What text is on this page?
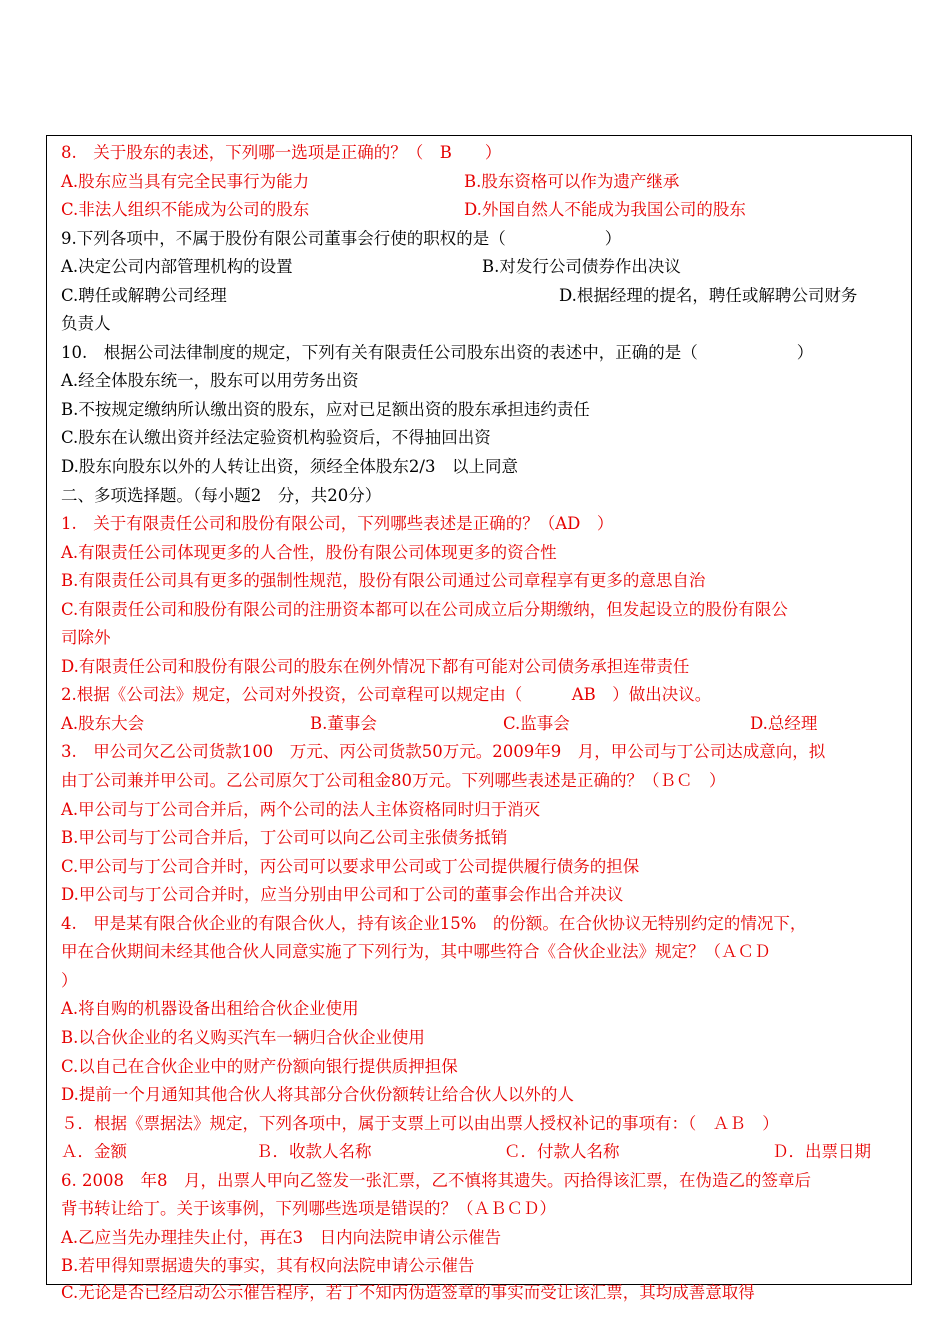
8.　关于股东的表述，下列哪一选项是正确的？（　B　　）
A.股东应当具有完全民事行为能力	B.股东资格可以作为遗产继承
C.非法人组织不能成为公司的股东	D.外国自然人不能成为我国公司的股东
9.下列各项中，不属于股份有限公司董事会行使的职权的是（　　　　　　）
A.决定公司内部管理机构的设置	B.对发行公司债券作出决议
C.聘任或解聘公司经理	D.根据经理的提名，聘任或解聘公司财务
负责人
10.　根据公司法律制度的规定，下列有关有限责任公司股东出资的表述中，正确的是（　　　　　　）
A.经全体股东统一，股东可以用劳务出资
B.不按规定缴纳所认缴出资的股东，应对已足额出资的股东承担违约责任
C.股东在认缴出资并经法定验资机构验资后，不得抽回出资
D.股东向股东以外的人转让出资，须经全体股东2/3　以上同意
二、多项选择题。（每小题2　分，共20分）
1.　关于有限责任公司和股份有限公司，下列哪些表述是正确的？（AD　）
A.有限责任公司体现更多的人合性，股份有限公司体现更多的资合性
B.有限责任公司具有更多的强制性规范，股份有限公司通过公司章程享有更多的意思自治
C.有限责任公司和股份有限公司的注册资本都可以在公司成立后分期缴纳，但发起设立的股份有限公
司除外
D.有限责任公司和股份有限公司的股东在例外情况下都有可能对公司债务承担连带责任
2.根据《公司法》规定，公司对外投资，公司章程可以规定由（　　　AB　）做出决议。
A.股东大会	B.董事会	C.监事会	D.总经理
3.　甲公司欠乙公司货款100　万元、丙公司货款50万元。2009年9　月，甲公司与丁公司达成意向，拟
由丁公司兼并甲公司。乙公司原欠丁公司租金80万元。下列哪些表述是正确的？（ＢＣ　）
A.甲公司与丁公司合并后，两个公司的法人主体资格同时归于消灭
B.甲公司与丁公司合并后，丁公司可以向乙公司主张债务抵销
C.甲公司与丁公司合并时，丙公司可以要求甲公司或丁公司提供履行债务的担保
D.甲公司与丁公司合并时，应当分别由甲公司和丁公司的董事会作出合并决议
4.　甲是某有限合伙企业的有限合伙人，持有该企业15%　的份额。在合伙协议无特别约定的情况下，
甲在合伙期间未经其他合伙人同意实施了下列行为，其中哪些符合《合伙企业法》规定？（ＡＣＤ
）
A.将自购的机器设备出租给合伙企业使用
B.以合伙企业的名义购买汽车一辆归合伙企业使用
C.以自己在合伙企业中的财产份额向银行提供质押担保
D.提前一个月通知其他合伙人将其部分合伙份额转让给合伙人以外的人
５．根据《票据法》规定，下列各项中，属于支票上可以由出票人授权补记的事项有：（　ＡＢ　）
Ａ．金额	Ｂ．收款人名称	Ｃ．付款人名称	Ｄ．出票日期
6. 2008　年8　月，出票人甲向乙签发一张汇票，乙不慎将其遗失。丙拾得该汇票，在伪造乙的签章后
背书转让给丁。关于该事例，下列哪些选项是错误的？（ＡＢＣＤ）
A.乙应当先办理挂失止付，再在3　日内向法院申请公示催告
B.若甲得知票据遗失的事实，其有权向法院申请公示催告
C.无论是否已经启动公示催告程序，若丁不知丙伪造签章的事实而受让该汇票，其均成善意取得
